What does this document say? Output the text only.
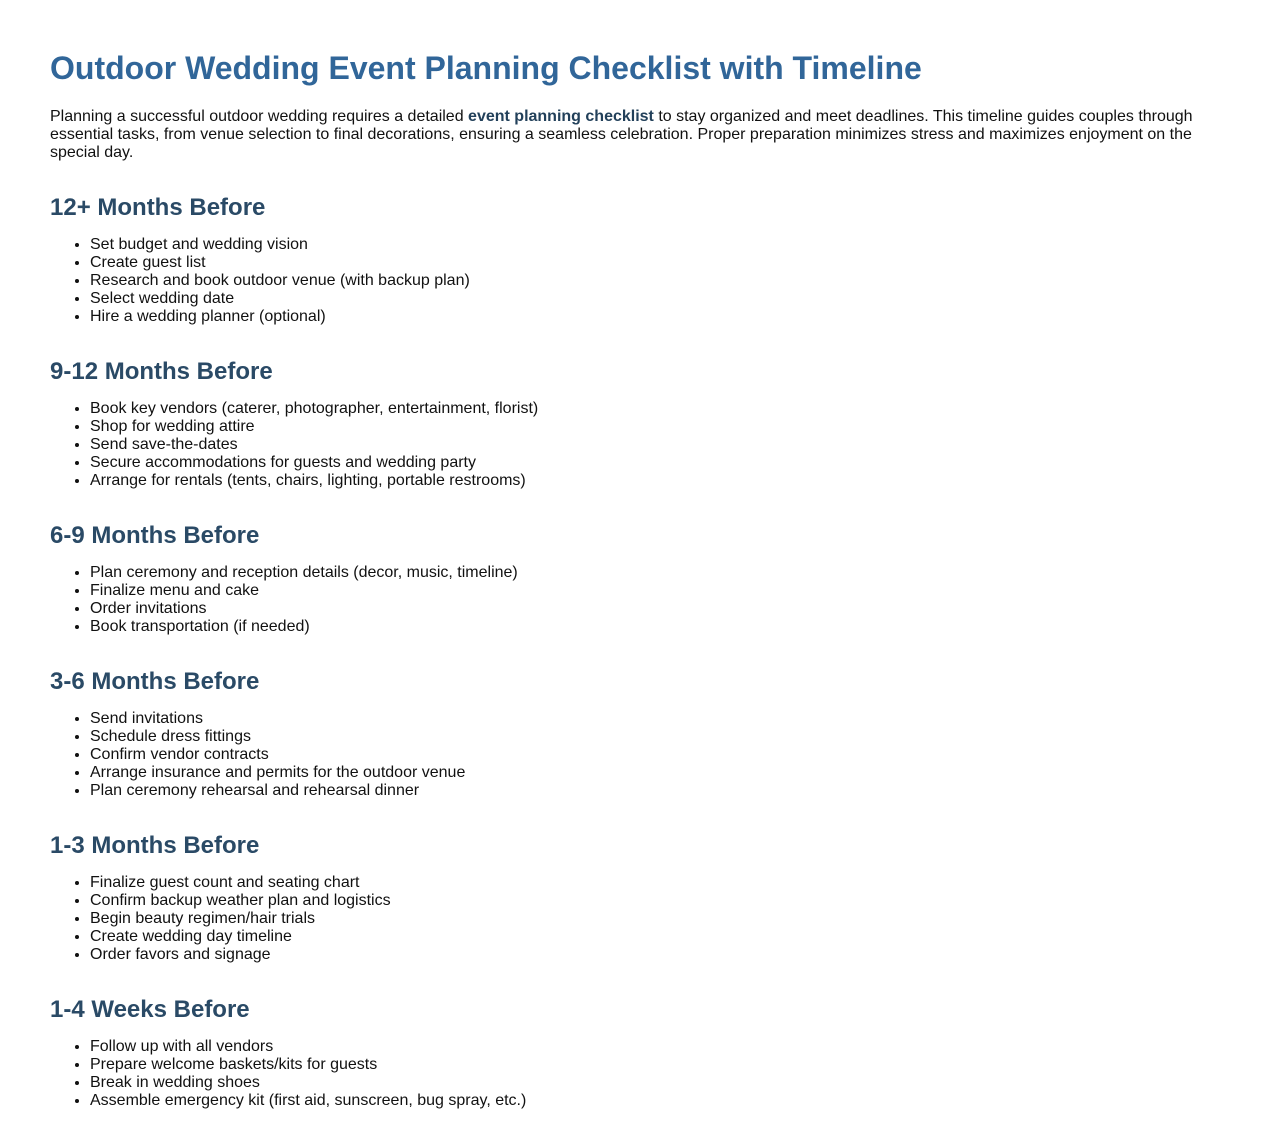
Outdoor Wedding Event Planning Checklist with Timeline

Planning a successful outdoor wedding requires a detailed event planning checklist to stay organized and meet deadlines. This timeline guides couples through essential tasks, from venue selection to final decorations, ensuring a seamless celebration. Proper preparation minimizes stress and maximizes enjoyment on the special day.

12+ Months Before
• Set budget and wedding vision
• Create guest list
• Research and book outdoor venue (with backup plan)
• Select wedding date
• Hire a wedding planner (optional)
9-12 Months Before
• Book key vendors (caterer, photographer, entertainment, florist)
• Shop for wedding attire
• Send save-the-dates
• Secure accommodations for guests and wedding party
• Arrange for rentals (tents, chairs, lighting, portable restrooms)
6-9 Months Before
• Plan ceremony and reception details (decor, music, timeline)
• Finalize menu and cake
• Order invitations
• Book transportation (if needed)
3-6 Months Before
• Send invitations
• Schedule dress fittings
• Confirm vendor contracts
• Arrange insurance and permits for the outdoor venue
• Plan ceremony rehearsal and rehearsal dinner
1-3 Months Before
• Finalize guest count and seating chart
• Confirm backup weather plan and logistics
• Begin beauty regimen/hair trials
• Create wedding day timeline
• Order favors and signage
1-4 Weeks Before
• Follow up with all vendors
• Prepare welcome baskets/kits for guests
• Break in wedding shoes
• Assemble emergency kit (first aid, sunscreen, bug spray, etc.)
